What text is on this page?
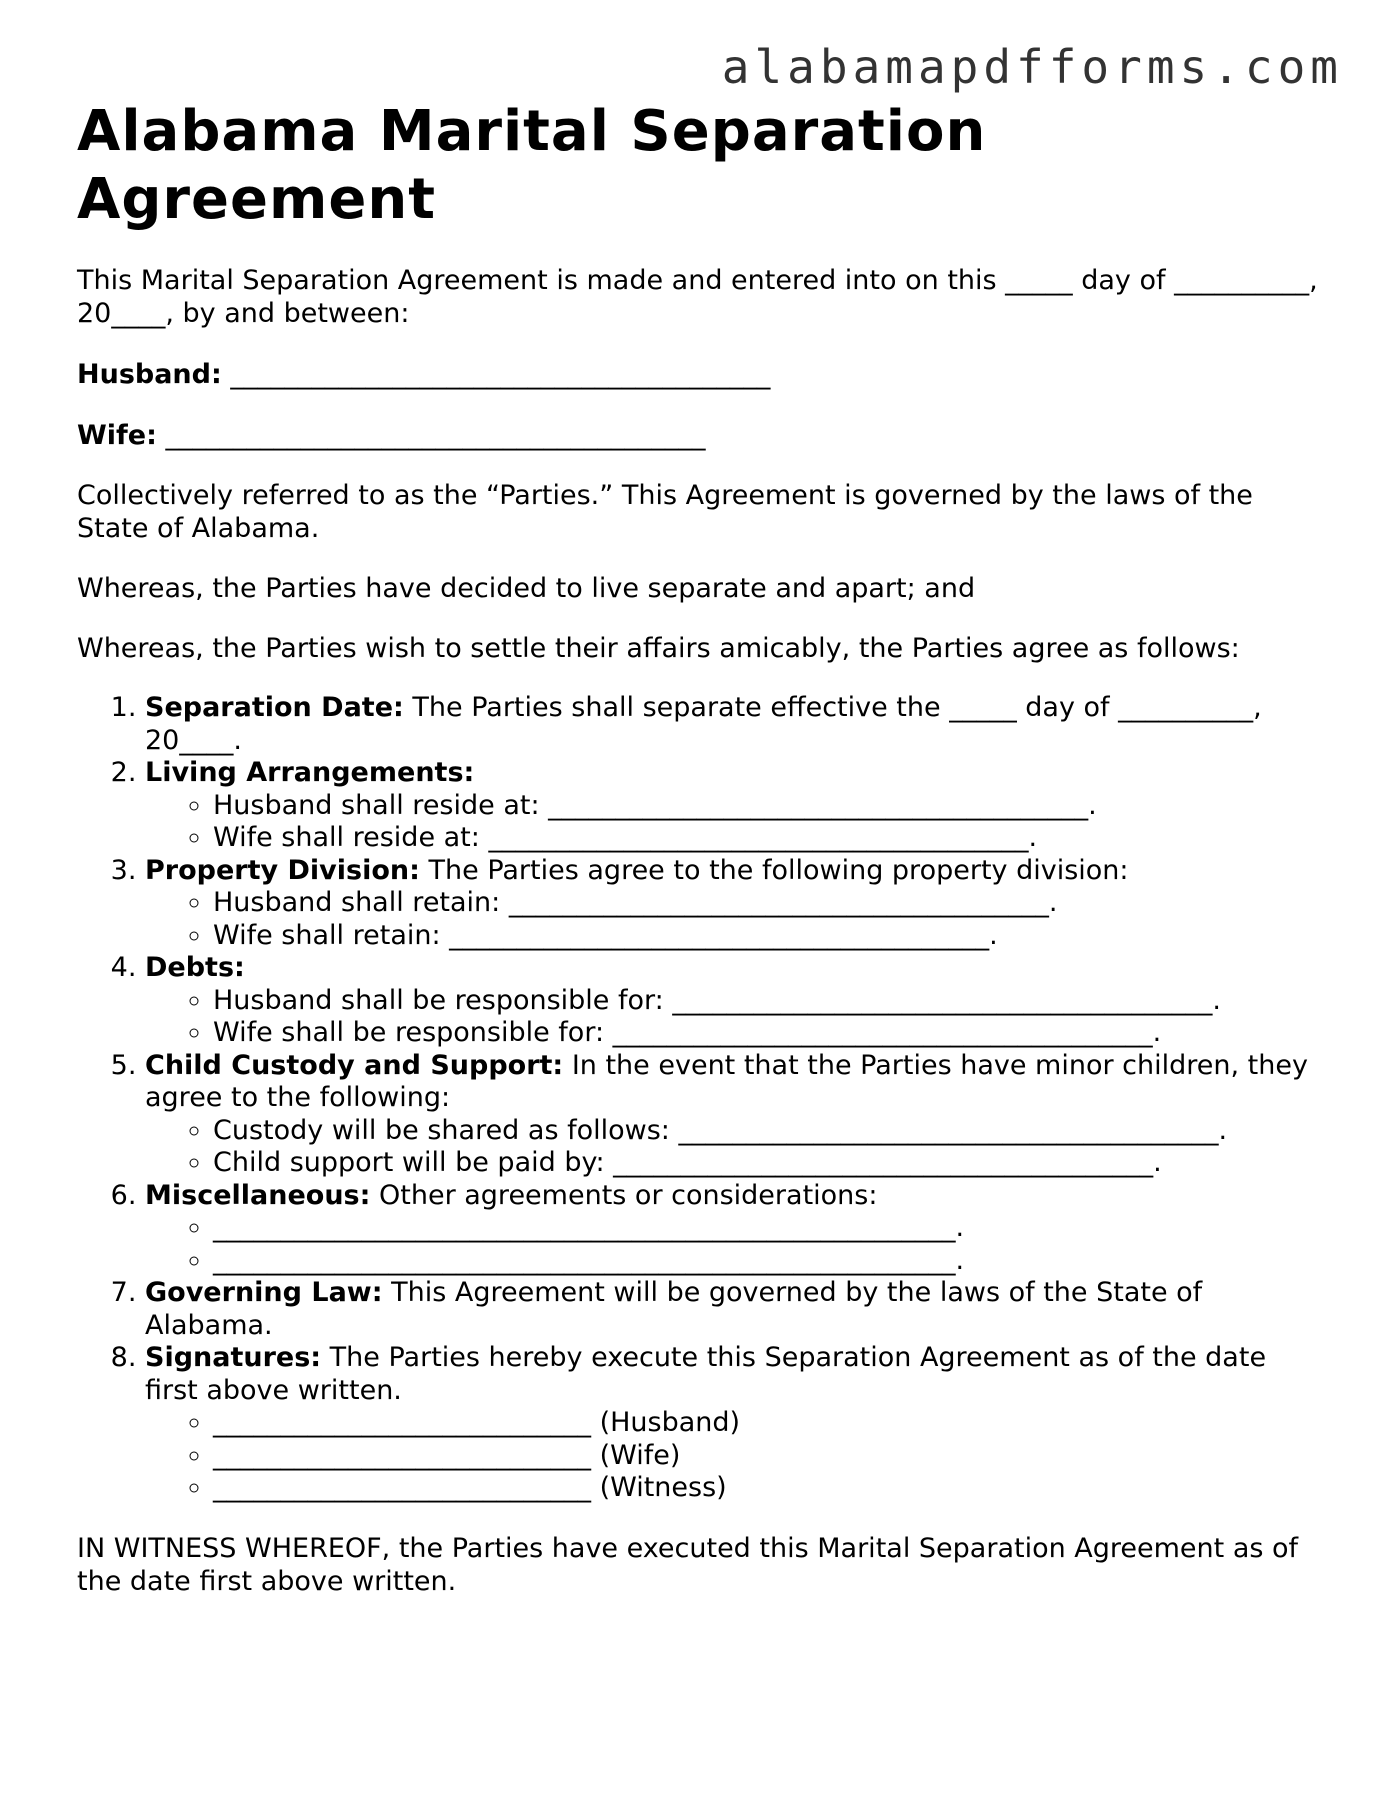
alabamapdfforms.com
Alabama Marital Separation Agreement

This Marital Separation Agreement is made and entered into on this _____ day of __________, 20____, by and between:

Husband: ________________________________________

Wife: ________________________________________

Collectively referred to as the “Parties.” This Agreement is governed by the laws of the State of Alabama.

Whereas, the Parties have decided to live separate and apart; and

Whereas, the Parties wish to settle their affairs amicably, the Parties agree as follows:

1. Separation Date: The Parties shall separate effective the _____ day of __________, 20____.
2. Living Arrangements:
◦ Husband shall reside at: ________________________________________.
◦ Wife shall reside at: ________________________________________.
3. Property Division: The Parties agree to the following property division:
◦ Husband shall retain: ________________________________________.
◦ Wife shall retain: ________________________________________.
4. Debts:
◦ Husband shall be responsible for: ________________________________________.
◦ Wife shall be responsible for: ________________________________________.
5. Child Custody and Support: In the event that the Parties have minor children, they agree to the following:
◦ Custody will be shared as follows: ________________________________________.
◦ Child support will be paid by: ________________________________________.
6. Miscellaneous: Other agreements or considerations:
◦ _______________________________________________________.
◦ _______________________________________________________.
7. Governing Law: This Agreement will be governed by the laws of the State of Alabama.
8. Signatures: The Parties hereby execute this Separation Agreement as of the date first above written.
◦ ____________________________ (Husband)
◦ ____________________________ (Wife)
◦ ____________________________ (Witness)

IN WITNESS WHEREOF, the Parties have executed this Marital Separation Agreement as of the date first above written.
